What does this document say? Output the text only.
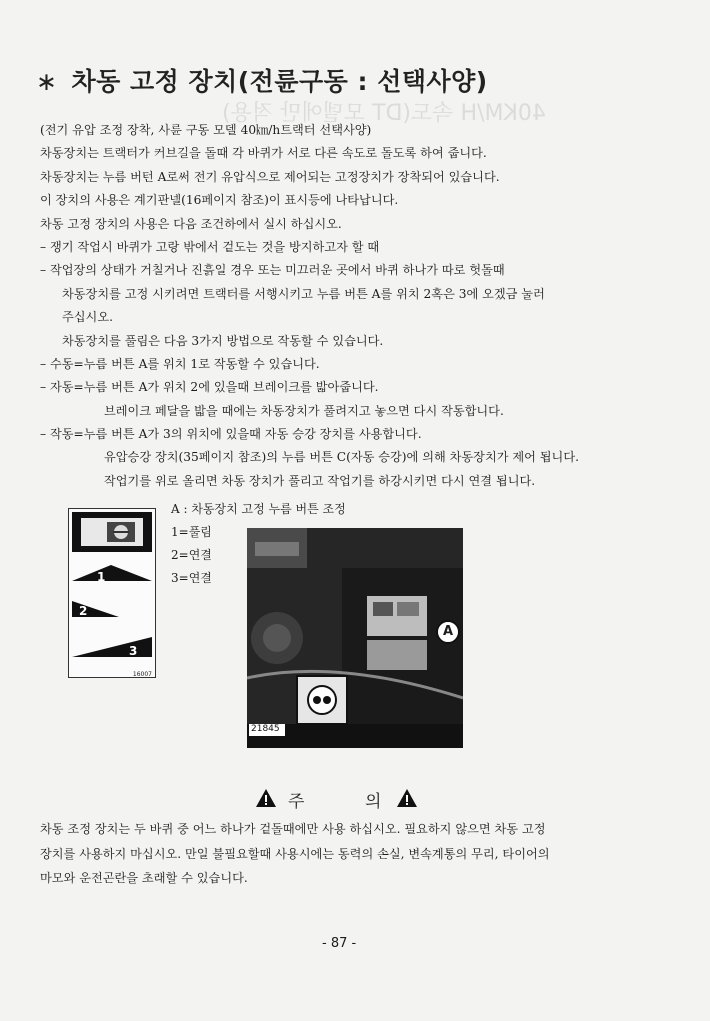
40KM/H 속도(DT 모델에만 적용)
∗ 차동 고정 장치(전륜구동 : 선택사양)
(전기 유압 조정 장착, 사륜 구동 모델 40㎞/h트랙터 선택사양)
차동장치는 트랙터가 커브길을 돌때 각 바퀴가 서로 다른 속도로 돌도록 하여 줍니다.
차동장치는 누름 버턴 A로써 전기 유압식으로 제어되는 고정장치가 장착되어 있습니다.
이 장치의 사용은 계기판넬(16페이지 참조)이 표시등에 나타납니다.
차동 고정 장치의 사용은 다음 조건하에서 실시 하십시오.
– 쟁기 작업시 바퀴가 고랑 밖에서 겉도는 것을 방지하고자 할 때
– 작업장의 상태가 거칠거나 진흙일 경우 또는 미끄러운 곳에서 바퀴 하나가 따로 헛돌때
차동장치를 고정 시키려면 트랙터를 서행시키고 누름 버튼 A를 위치 2혹은 3에 오겠금 눌러
주십시오.
차동장치를 풀림은 다음 3가지 방법으로 작동할 수 있습니다.
– 수동=누름 버튼 A를 위치 1로 작동할 수 있습니다.
– 자동=누름 버튼 A가 위치 2에 있을때 브레이크를 밟아줍니다.
브레이크 페달을 밟을 때에는 차동장치가 풀려지고 놓으면 다시 작동합니다.
– 작동=누름 버튼 A가 3의 위치에 있을때 자동 승강 장치를 사용합니다.
유압승강 장치(35페이지 참조)의 누름 버튼 C(자동 승강)에 의해 차동장치가 제어 됩니다.
작업기를 위로 올리면 차동 장치가 풀리고 작업기를 하강시키면 다시 연결 됩니다.
A : 차동장치 고정 누름 버튼 조정
1=풀림
2=연결
3=연결
1
2
3
16007
21845
A
주	의
차동 조정 장치는 두 바퀴 중 어느 하나가 겉돌때에만 사용 하십시오. 필요하지 않으면 차동 고정
장치를 사용하지 마십시오. 만일 불필요할때 사용시에는 동력의 손실, 변속계통의 무리, 타이어의
마모와 운전곤란을 초래할 수 있습니다.
- 87 -
